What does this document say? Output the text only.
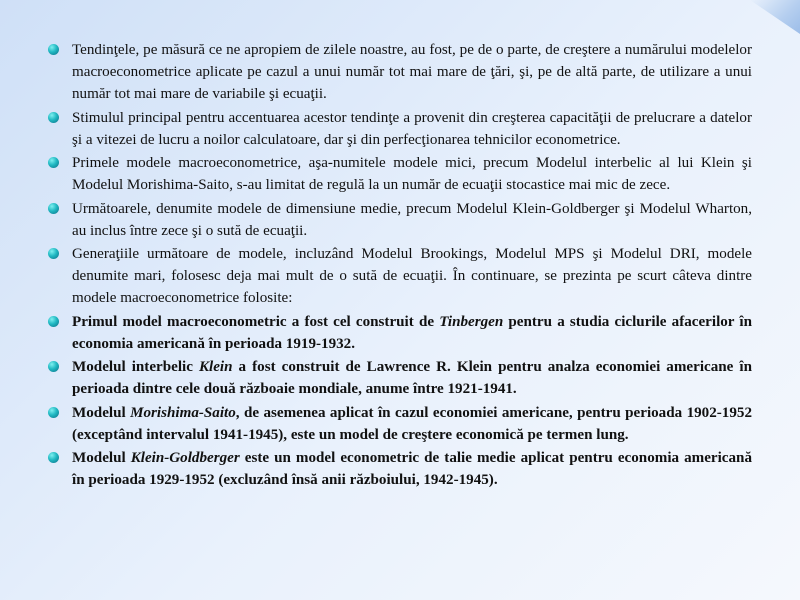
Tendinţele, pe măsură ce ne apropiem de zilele noastre, au fost, pe de o parte, de creştere a numărului modelelor macroeconometrice aplicate pe cazul a unui număr tot mai mare de ţări, şi, pe de altă parte, de utilizare a unui număr tot mai mare de variabile şi ecuaţii.
Stimulul principal pentru accentuarea acestor tendinţe a provenit din creşterea capacităţii de prelucrare a datelor şi a vitezei de lucru a noilor calculatoare, dar şi din perfecţionarea tehnicilor econometrice.
Primele modele macroeconometrice, aşa-numitele modele mici, precum Modelul interbelic al lui Klein şi Modelul Morishima-Saito, s-au limitat de regulă la un număr de ecuaţii stocastice mai mic de zece.
Următoarele, denumite modele de dimensiune medie, precum Modelul Klein-Goldberger şi Modelul Wharton, au inclus între zece şi o sută de ecuaţii.
Generaţiile următoare de modele, incluzând Modelul Brookings, Modelul MPS şi Modelul DRI, modele denumite mari, folosesc deja mai mult de o sută de ecuaţii. În continuare, se prezinta pe scurt câteva dintre modele macroeconometrice folosite:
Primul model macroeconometric a fost cel construit de Tinbergen pentru a studia ciclurile afacerilor în economia americană în perioada 1919-1932.
Modelul interbelic Klein a fost construit de Lawrence R. Klein pentru analza economiei americane în perioada dintre cele două războaie mondiale, anume între 1921-1941.
Modelul Morishima-Saito, de asemenea aplicat în cazul economiei americane, pentru perioada 1902-1952 (exceptând intervalul 1941-1945), este un model de creştere economică pe termen lung.
Modelul Klein-Goldberger este un model econometric de talie medie aplicat pentru economia americană în perioada 1929-1952 (excluzând însă anii războiului, 1942-1945).
